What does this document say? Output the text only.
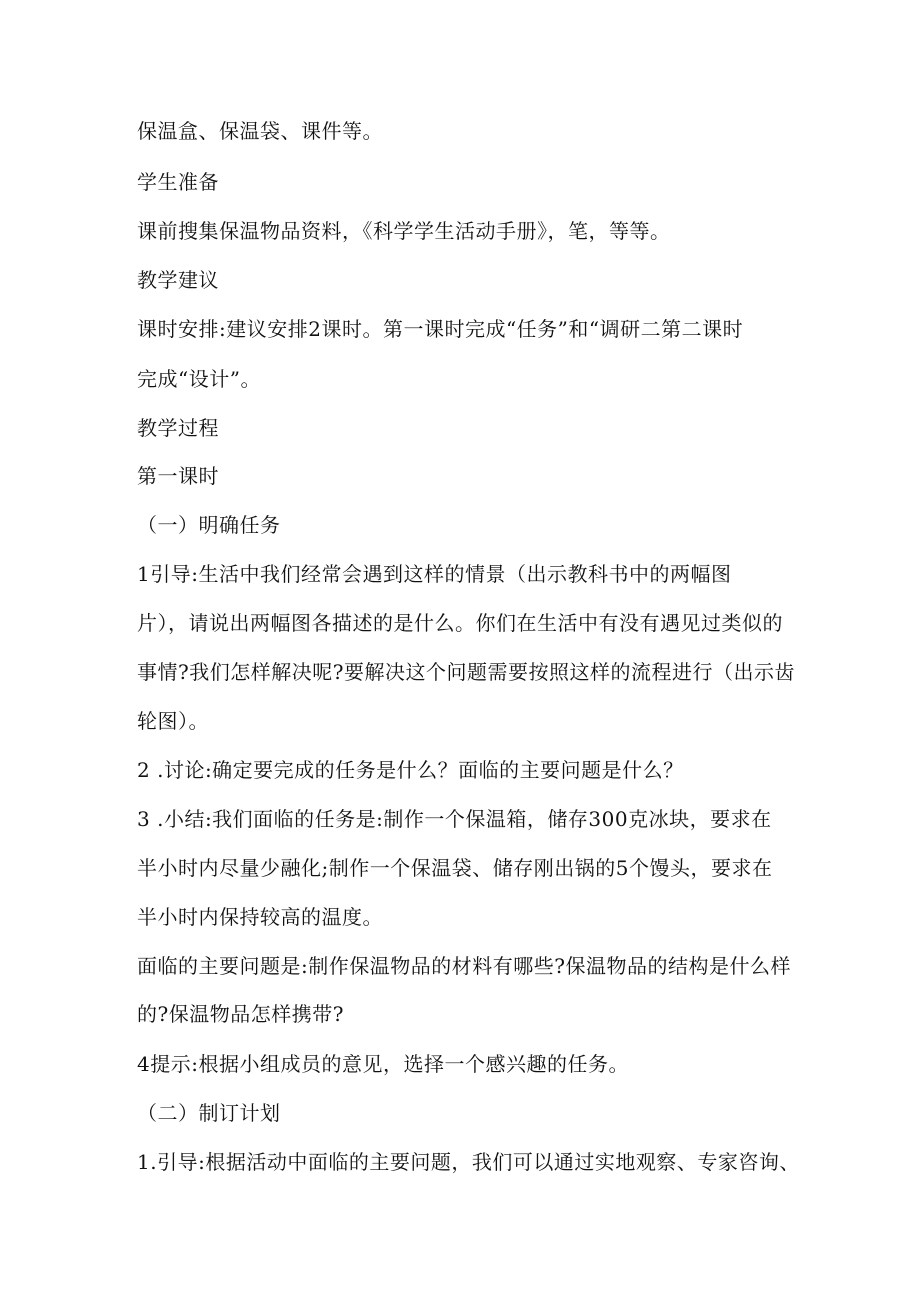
保温盒、保温袋、课件等。
学生准备
课前搜集保温物品资料，《科学学生活动手册》，笔，等等。
教学建议
课时安排:建议安排2课时。第一课时完成“任务”和“调研二第二课时
完成“设计”。
教学过程
第一课时
（一）明确任务
1引导:生活中我们经常会遇到这样的情景（出示教科书中的两幅图
片），请说出两幅图各描述的是什么。你们在生活中有没有遇见过类似的
事情?我们怎样解决呢?要解决这个问题需要按照这样的流程进行（出示齿
轮图）。
2 .讨论:确定要完成的任务是什么？面临的主要问题是什么？
3 .小结:我们面临的任务是:制作一个保温箱，储存300克冰块，要求在
半小时内尽量少融化;制作一个保温袋、储存刚出锅的5个馒头，要求在
半小时内保持较高的温度。
面临的主要问题是:制作保温物品的材料有哪些?保温物品的结构是什么样
的?保温物品怎样携带?
4提示:根据小组成员的意见，选择一个感兴趣的任务。
（二）制订计划
1.引导:根据活动中面临的主要问题，我们可以通过实地观察、专家咨询、
